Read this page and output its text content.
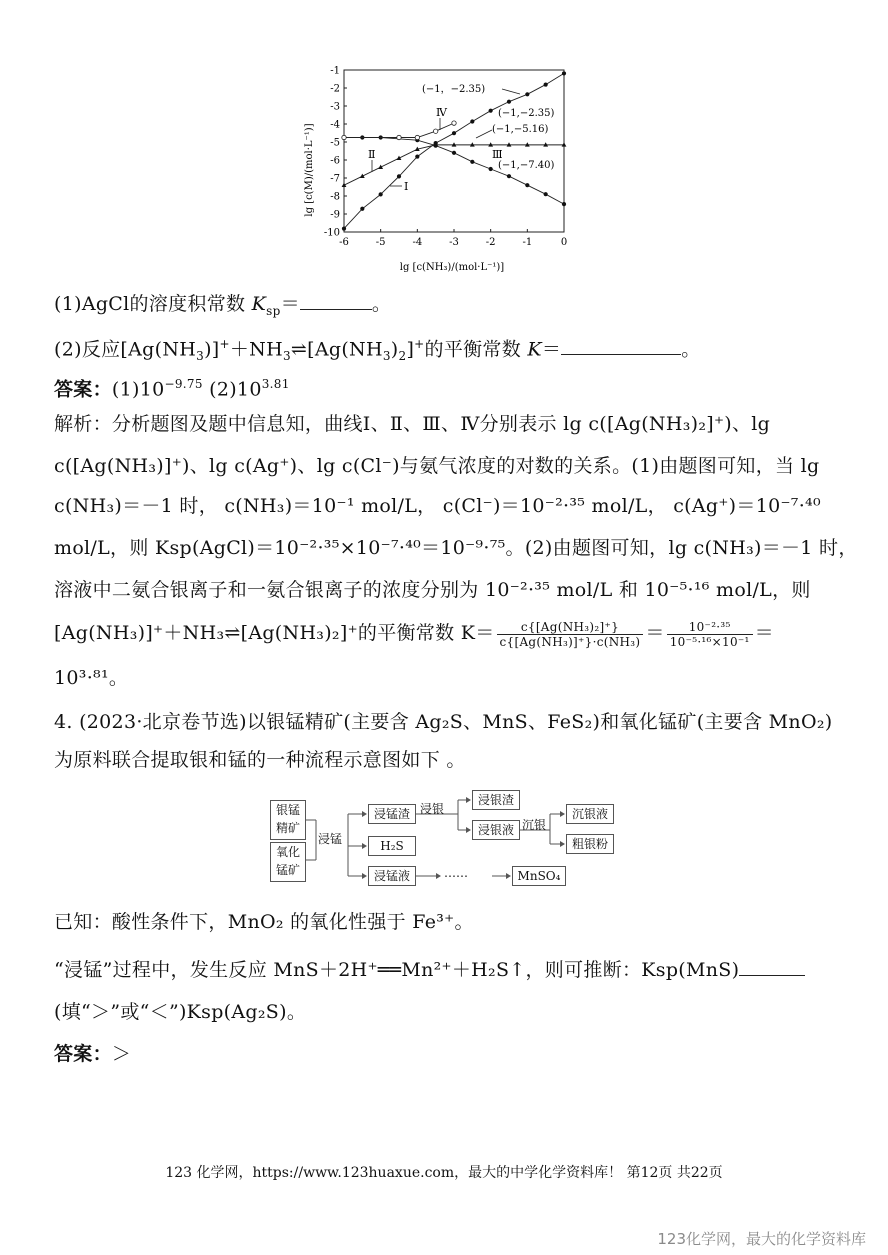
-6	-5	-4	-3	-2	-1	0
-1
-2
-3
-4
-5
-6
-7
-8
-9
-10
lg [c(M)/(mol·L⁻¹)]
lg [c(NH₃)/(mol·L⁻¹)]
Ⅳ
Ⅱ
Ⅰ
Ⅲ
(−1，−2.35)
(−1,−2.35)
(−1,−5.16)
(−1,−7.40)
(1)AgCl的溶度积常数 $K_{sp}=$	。
(2)反应$[Ag(NH_3)]^++NH_3\rightleftharpoons[Ag(NH_3)_2]^+$的平衡常数 K＝	。
答案：$(1)10^{-9.75}$ $(2)10^{3.81}$
解析：分析题图及题中信息知，曲线Ⅰ、Ⅱ、Ⅲ、Ⅳ分别表示 lg c([Ag(NH₃)₂]⁺)、lg
c([Ag(NH₃)]⁺)、lg c(Ag⁺)、lg c(Cl⁻)与氨气浓度的对数的关系。(1)由题图可知，当 lg
c(NH₃)＝－1 时， c(NH₃)＝10⁻¹ mol/L， c(Cl⁻)＝10⁻²·³⁵ mol/L， c(Ag⁺)＝10⁻⁷·⁴⁰
mol/L，则 Ksp(AgCl)＝10⁻²·³⁵×10⁻⁷·⁴⁰＝10⁻⁹·⁷⁵。(2)由题图可知，lg c(NH₃)＝－1 时，
溶液中二氨合银离子和一氨合银离子的浓度分别为 10⁻²·³⁵ mol/L 和 10⁻⁵·¹⁶ mol/L，则
[Ag(NH₃)]⁺＋NH₃⇌[Ag(NH₃)₂]⁺的平衡常数 $K= \frac{\text{c\{[Ag(NH₃)₂]⁺\}}}{\text{c\{[Ag(NH₃)]⁺\}·c(NH₃)}} = \frac{\text{10⁻²·³⁵}}{\text{10⁻⁵·¹⁶×10⁻¹}}$ ＝
10³·⁸¹。
4. (2023·北京卷节选)以银锰精矿(主要含 Ag₂S、MnS、FeS₂)和氧化锰矿(主要含 MnO₂)
为原料联合提取银和锰的一种流程示意图如下 。
银锰
精矿
氧化
锰矿
浸锰
浸锰渣
H₂S
浸锰液
浸银
浸银渣
浸银液 沉银
沉银液
粗银粉
……	MnSO₄
已知：酸性条件下，MnO₂ 的氧化性强于 Fe³⁺。
“浸锰”过程中，发生反应 MnS＋2H⁺══Mn²⁺＋H₂S↑，则可推断：Ksp(MnS)
(填“＞”或“＜”)Ksp(Ag₂S)。
答案：＞
123 化学网，https://www.123huaxue.com，最大的中学化学资料库！ 第12页 共22页
123化学网，最大的化学资料库
